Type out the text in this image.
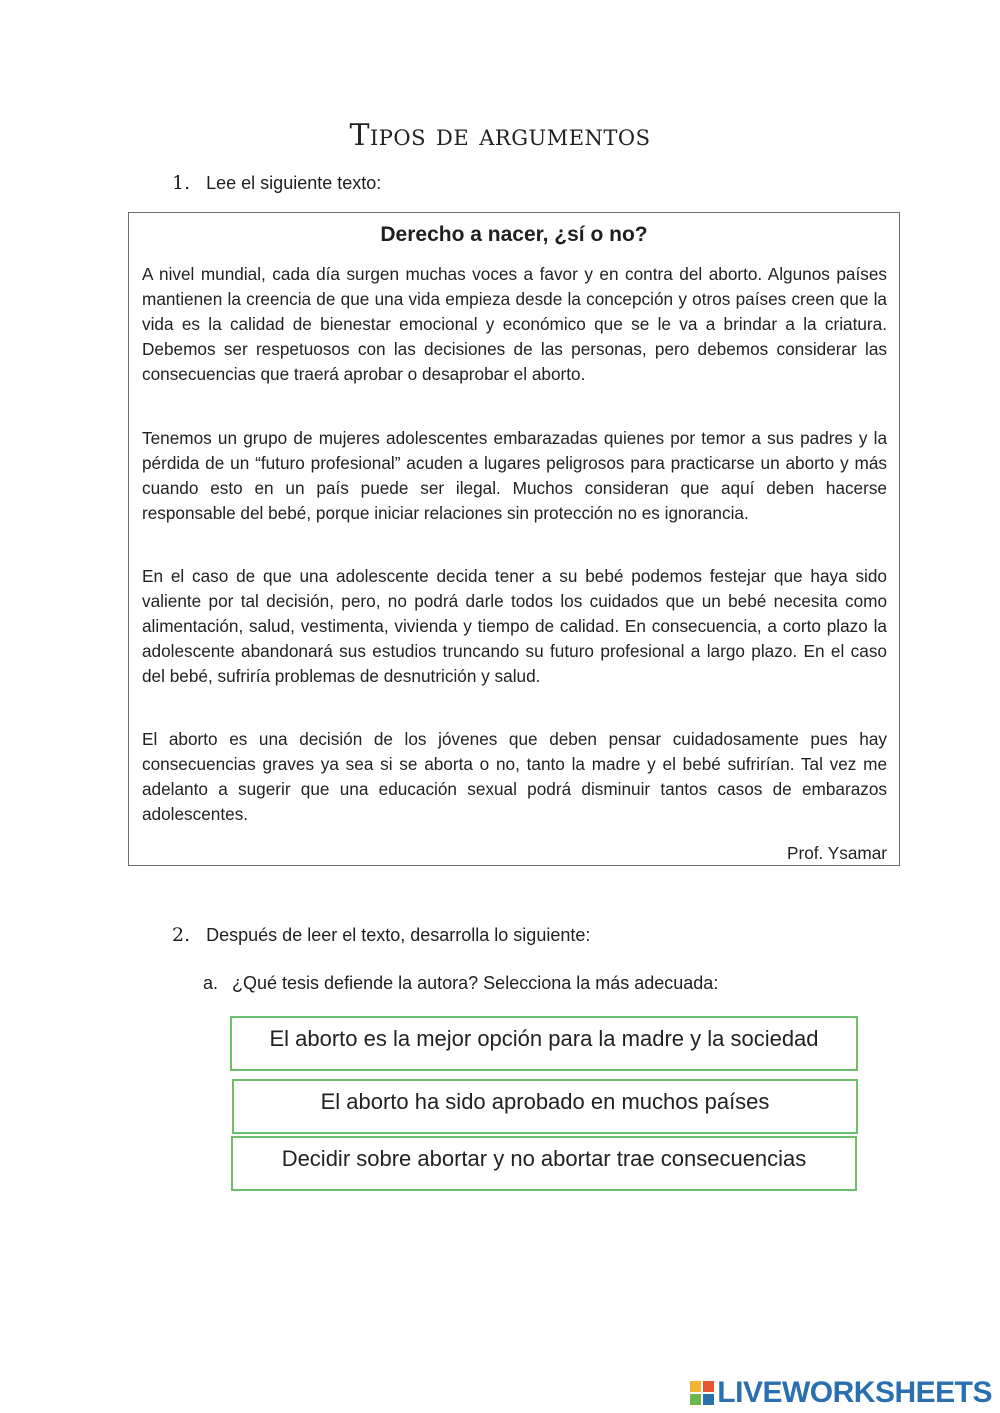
Tipos de argumentos
1. Lee el siguiente texto:
Derecho a nacer, ¿sí o no?

A nivel mundial, cada día surgen muchas voces a favor y en contra del aborto. Algunos países mantienen la creencia de que una vida empieza desde la concepción y otros países creen que la vida es la calidad de bienestar emocional y económico que se le va a brindar a la criatura. Debemos ser respetuosos con las decisiones de las personas, pero debemos considerar las consecuencias que traerá aprobar o desaprobar el aborto.

Tenemos un grupo de mujeres adolescentes embarazadas quienes por temor a sus padres y la pérdida de un “futuro profesional” acuden a lugares peligrosos para practicarse un aborto y más cuando esto en un país puede ser ilegal. Muchos consideran que aquí deben hacerse responsable del bebé, porque iniciar relaciones sin protección no es ignorancia.

En el caso de que una adolescente decida tener a su bebé podemos festejar que haya sido valiente por tal decisión, pero, no podrá darle todos los cuidados que un bebé necesita como alimentación, salud, vestimenta, vivienda y tiempo de calidad. En consecuencia, a corto plazo la adolescente abandonará sus estudios truncando su futuro profesional a largo plazo. En el caso del bebé, sufriría problemas de desnutrición y salud.

El aborto es una decisión de los jóvenes que deben pensar cuidadosamente pues hay consecuencias graves ya sea si se aborta o no, tanto la madre y el bebé sufrirían. Tal vez me adelanto a sugerir que una educación sexual podrá disminuir tantos casos de embarazos adolescentes.

Prof. Ysamar
2. Después de leer el texto, desarrolla lo siguiente:
a. ¿Qué tesis defiende la autora? Selecciona la más adecuada:
El aborto es la mejor opción para la madre y la sociedad
El aborto ha sido aprobado en muchos países
Decidir sobre abortar y no abortar trae consecuencias
LIVEWORKSHEETS
